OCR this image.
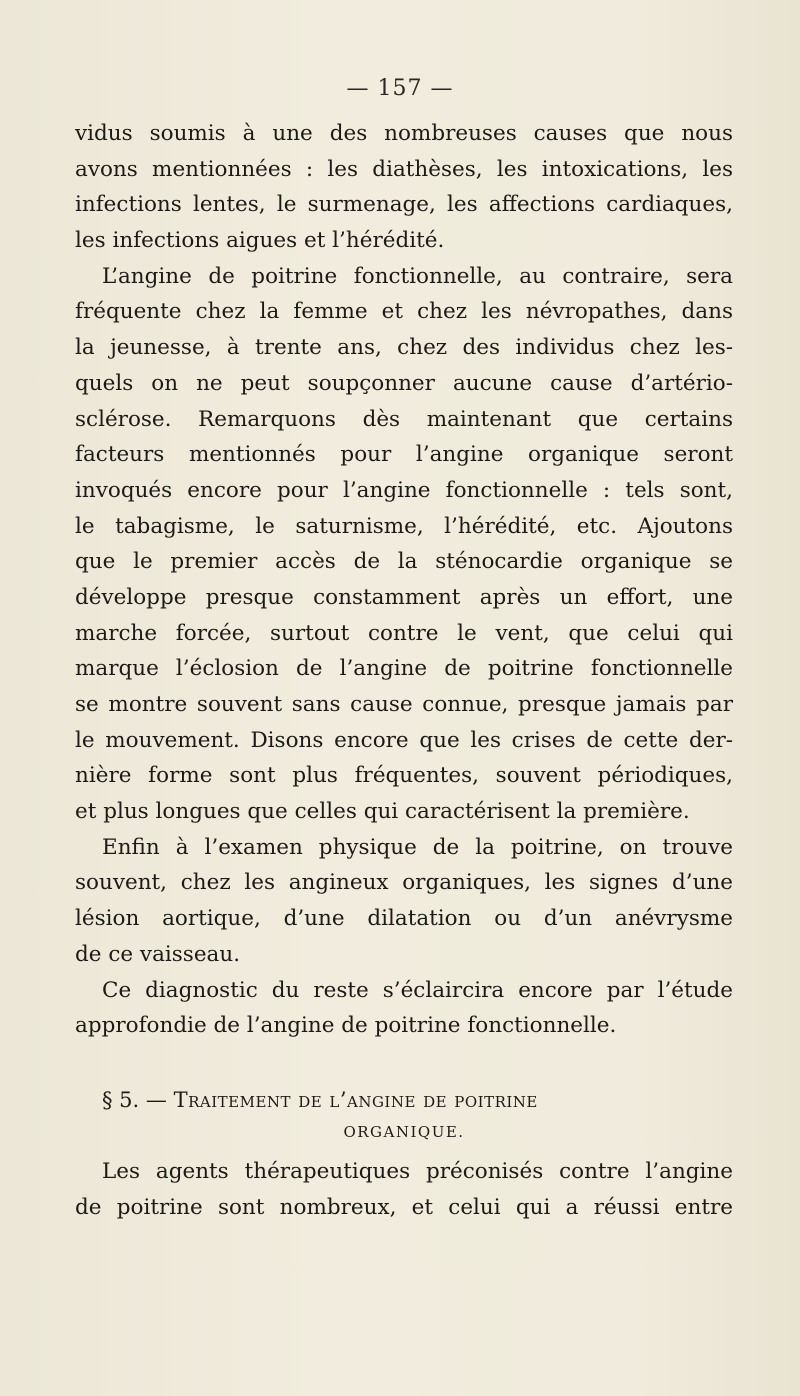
— 157 —
vidus soumis à une des nombreuses causes que nous
avons mentionnées : les diathèses, les intoxications, les
infections lentes, le surmenage, les affections cardiaques,
les infections aigues et l’hérédité.
L’angine de poitrine fonctionnelle, au contraire, sera
fréquente chez la femme et chez les névropathes, dans
la jeunesse, à trente ans, chez des individus chez les-
quels on ne peut soupçonner aucune cause d’artério-
sclérose. Remarquons dès maintenant que certains
facteurs mentionnés pour l’angine organique seront
invoqués encore pour l’angine fonctionnelle : tels sont,
le tabagisme, le saturnisme, l’hérédité, etc. Ajoutons
que le premier accès de la sténocardie organique se
développe presque constamment après un effort, une
marche forcée, surtout contre le vent, que celui qui
marque l’éclosion de l’angine de poitrine fonctionnelle
se montre souvent sans cause connue, presque jamais par
le mouvement. Disons encore que les crises de cette der-
nière forme sont plus fréquentes, souvent périodiques,
et plus longues que celles qui caractérisent la première.
Enfin à l’examen physique de la poitrine, on trouve
souvent, chez les angineux organiques, les signes d’une
lésion aortique, d’une dilatation ou d’un anévrysme
de ce vaisseau.
Ce diagnostic du reste s’éclaircira encore par l’étude
approfondie de l’angine de poitrine fonctionnelle.
§ 5. — Traitement de l’angine de poitrine
ORGANIQUE.
Les agents thérapeutiques préconisés contre l’angine
de poitrine sont nombreux, et celui qui a réussi entre
